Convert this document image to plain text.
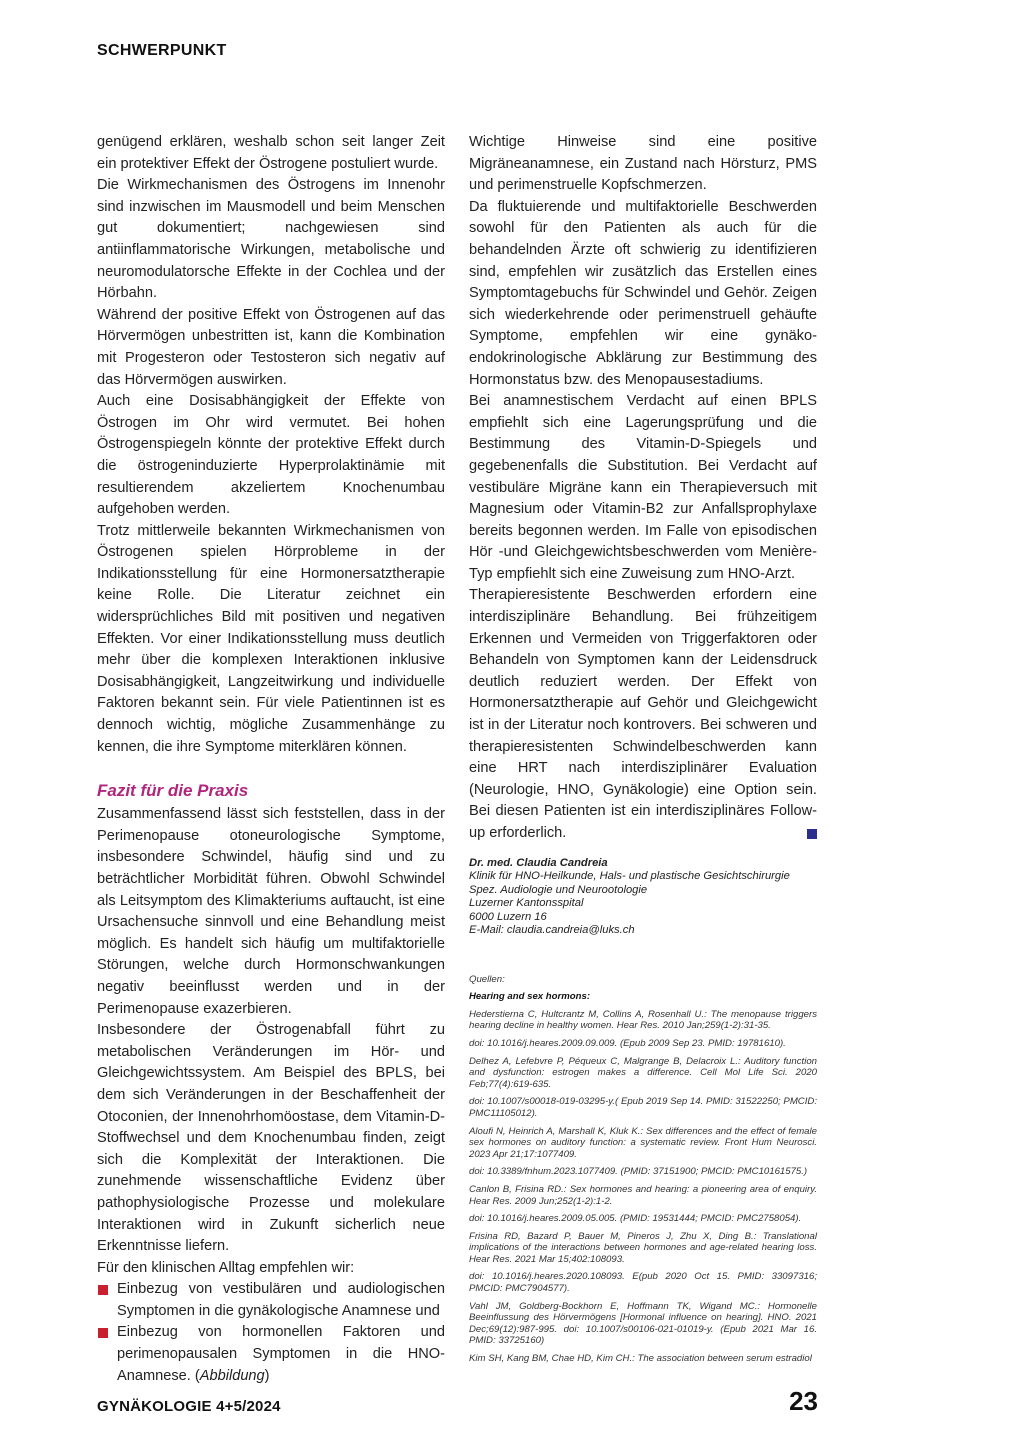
SCHWERPUNKT

genügend erklären, weshalb schon seit langer Zeit ein protektiver Effekt der Östrogene postuliert wurde.

Die Wirkmechanismen des Östrogens im Innenohr sind inzwischen im Mausmodell und beim Menschen gut dokumentiert; nachgewiesen sind antiinflammatorische Wirkungen, metabolische und neuromodulatorsche Effekte in der Cochlea und der Hörbahn.

Während der positive Effekt von Östrogenen auf das Hörvermögen unbestritten ist, kann die Kombination mit Progesteron oder Testosteron sich negativ auf das Hörvermögen auswirken.

Auch eine Dosisabhängigkeit der Effekte von Östrogen im Ohr wird vermutet. Bei hohen Östrogenspiegeln könnte der protektive Effekt durch die östrogeninduzierte Hyperprolaktinämie mit resultierendem akzeliertem Knochenumbau aufgehoben werden.

Trotz mittlerweile bekannten Wirkmechanismen von Östrogenen spielen Hörprobleme in der Indikationsstellung für eine Hormonersatztherapie keine Rolle. Die Literatur zeichnet ein widersprüchliches Bild mit positiven und negativen Effekten. Vor einer Indikationsstellung muss deutlich mehr über die komplexen Interaktionen inklusive Dosisabhängigkeit, Langzeitwirkung und individuelle Faktoren bekannt sein. Für viele Patientinnen ist es dennoch wichtig, mögliche Zusammenhänge zu kennen, die ihre Symptome miterklären können.

Fazit für die Praxis

Zusammenfassend lässt sich feststellen, dass in der Perimenopause otoneurologische Symptome, insbesondere Schwindel, häufig sind und zu beträchtlicher Morbidität führen. Obwohl Schwindel als Leitsymptom des Klimakteriums auftaucht, ist eine Ursachensuche sinnvoll und eine Behandlung meist möglich. Es handelt sich häufig um multifaktorielle Störungen, welche durch Hormonschwankungen negativ beeinflusst werden und in der Perimenopause exazerbieren.

Insbesondere der Östrogenabfall führt zu metabolischen Veränderungen im Hör- und Gleichgewichtssystem. Am Beispiel des BPLS, bei dem sich Veränderungen in der Beschaffenheit der Otoconien, der Innenohrhomöostase, dem Vitamin-D-Stoffwechsel und dem Knochenumbau finden, zeigt sich die Komplexität der Interaktionen. Die zunehmende wissenschaftliche Evidenz über pathophysiologische Prozesse und molekulare Interaktionen wird in Zukunft sicherlich neue Erkenntnisse liefern.

Für den klinischen Alltag empfehlen wir:

Einbezug von vestibulären und audiologischen Symptomen in die gynäkologische Anamnese und
Einbezug von hormonellen Faktoren und perimenopausalen Symptomen in die HNO-Anamnese. (Abbildung)

Wichtige Hinweise sind eine positive Migräneanamnese, ein Zustand nach Hörsturz, PMS und perimenstruelle Kopfschmerzen.

Da fluktuierende und multifaktorielle Beschwerden sowohl für den Patienten als auch für die behandelnden Ärzte oft schwierig zu identifizieren sind, empfehlen wir zusätzlich das Erstellen eines Symptomtagebuchs für Schwindel und Gehör. Zeigen sich wiederkehrende oder perimenstruell gehäufte Symptome, empfehlen wir eine gynäko-endokrinologische Abklärung zur Bestimmung des Hormonstatus bzw. des Menopausestadiums.

Bei anamnestischem Verdacht auf einen BPLS empfiehlt sich eine Lagerungsprüfung und die Bestimmung des Vitamin-D-Spiegels und gegebenenfalls die Substitution. Bei Verdacht auf vestibuläre Migräne kann ein Therapieversuch mit Magnesium oder Vitamin-B2 zur Anfallsprophylaxe bereits begonnen werden. Im Falle von episodischen Hör -und Gleichgewichtsbeschwerden vom Menière-Typ empfiehlt sich eine Zuweisung zum HNO-Arzt.

Therapieresistente Beschwerden erfordern eine interdisziplinäre Behandlung. Bei frühzeitigem Erkennen und Vermeiden von Triggerfaktoren oder Behandeln von Symptomen kann der Leidensdruck deutlich reduziert werden. Der Effekt von Hormonersatztherapie auf Gehör und Gleichgewicht ist in der Literatur noch kontrovers. Bei schweren und therapieresistenten Schwindelbeschwerden kann eine HRT nach interdisziplinärer Evaluation (Neurologie, HNO, Gynäkologie) eine Option sein. Bei diesen Patienten ist ein interdisziplinäres Follow-up erforderlich.

Dr. med. Claudia Candreia
Klinik für HNO-Heilkunde, Hals- und plastische Gesichtschirurgie
Spez. Audiologie und Neurootologie
Luzerner Kantonsspital
6000 Luzern 16
E-Mail: claudia.candreia@luks.ch
Quellen:
Hearing and sex hormons:
Hederstierna C, Hultcrantz M, Collins A, Rosenhall U.: The menopause triggers hearing decline in healthy women. Hear Res. 2010 Jan;259(1-2):31-35.
doi: 10.1016/j.heares.2009.09.009. (Epub 2009 Sep 23. PMID: 19781610).
Delhez A, Lefebvre P, Péqueux C, Malgrange B, Delacroix L.: Auditory function and dysfunction: estrogen makes a difference. Cell Mol Life Sci. 2020 Feb;77(4):619-635.
doi: 10.1007/s00018-019-03295-y.( Epub 2019 Sep 14. PMID: 31522250; PMCID: PMC11105012).
Aloufi N, Heinrich A, Marshall K, Kluk K.: Sex differences and the effect of female sex hormones on auditory function: a systematic review. Front Hum Neurosci. 2023 Apr 21;17:1077409.
doi: 10.3389/fnhum.2023.1077409. (PMID: 37151900; PMCID: PMC10161575.)
Canlon B, Frisina RD.: Sex hormones and hearing: a pioneering area of enquiry. Hear Res. 2009 Jun;252(1-2):1-2.
doi: 10.1016/j.heares.2009.05.005. (PMID: 19531444; PMCID: PMC2758054).
Frisina RD, Bazard P, Bauer M, Pineros J, Zhu X, Ding B.: Translational implications of the interactions between hormones and age-related hearing loss. Hear Res. 2021 Mar 15;402:108093.
doi: 10.1016/j.heares.2020.108093. E(pub 2020 Oct 15. PMID: 33097316; PMCID: PMC7904577).
Vahl JM, Goldberg-Bockhorn E, Hoffmann TK, Wigand MC.: Hormonelle Beeinflussung des Hörvermögens [Hormonal influence on hearing]. HNO. 2021 Dec;69(12):987-995. doi: 10.1007/s00106-021-01019-y. (Epub 2021 Mar 16. PMID: 33725160)
Kim SH, Kang BM, Chae HD, Kim CH.: The association between serum estradiol
GYNÄKOLOGIE 4+5/2024	23
